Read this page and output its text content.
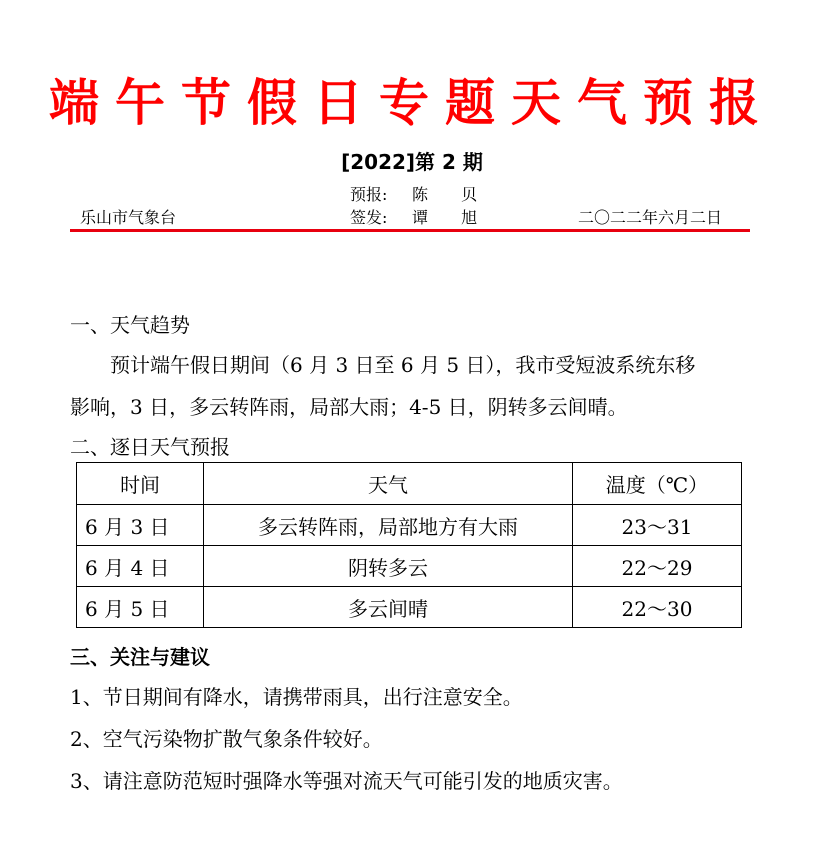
端午节假日专题天气预报
[2022]第 2 期
预报: 陈 贝
签发: 谭 旭
乐山市气象台	二〇二二年六月二日
一、天气趋势
预计端午假日期间（6 月 3 日至 6 月 5 日），我市受短波系统东移
影响，3 日，多云转阵雨，局部大雨；4-5 日，阴转多云间晴。
二、逐日天气预报
时间	天气	温度（℃）
6 月 3 日	多云转阵雨，局部地方有大雨	23～31
6 月 4 日	阴转多云	22～29
6 月 5 日	多云间晴	22～30
三、关注与建议
1、节日期间有降水，请携带雨具，出行注意安全。
2、空气污染物扩散气象条件较好。
3、请注意防范短时强降水等强对流天气可能引发的地质灾害。
